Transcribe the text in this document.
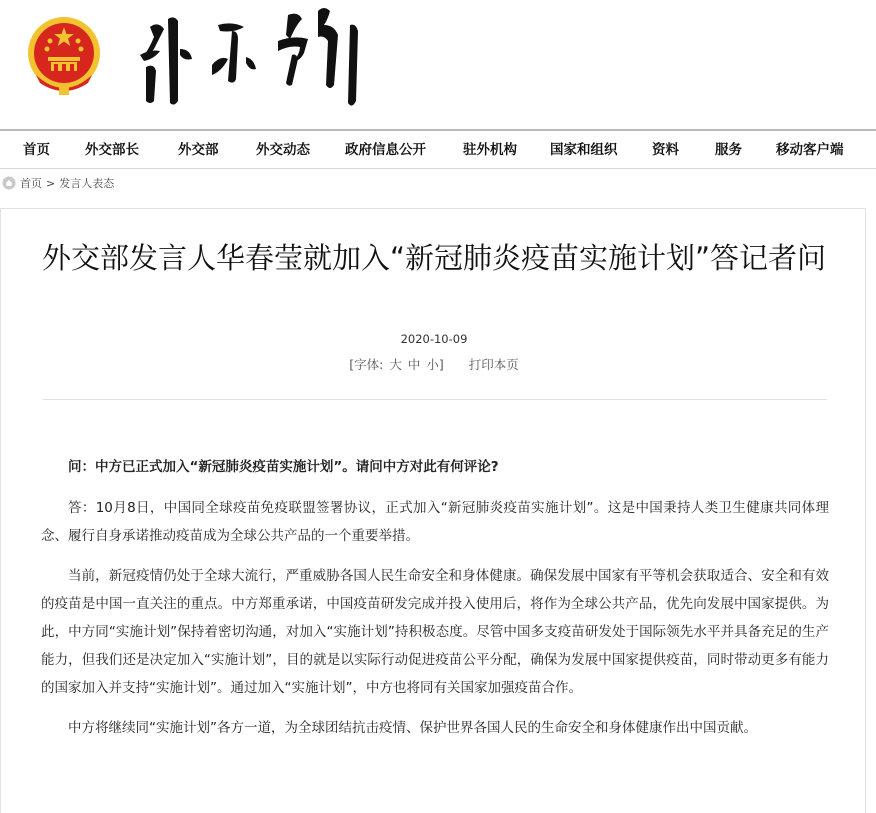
首页	外交部长	外交部	外交动态	政府信息公开	驻外机构 国家和组织	资料	服务	移动客户端
首页 > 发言人表态
外交部发言人华春莹就加入“新冠肺炎疫苗实施计划”答记者问
2020-10-09
[字体: 大 中 小] 打印本页

问：中方已正式加入“新冠肺炎疫苗实施计划”。请问中方对此有何评论?

答：10月8日，中国同全球疫苗免疫联盟签署协议，正式加入“新冠肺炎疫苗实施计划”。这是中国秉持人类卫生健康共同体理念、履行自身承诺推动疫苗成为全球公共产品的一个重要举措。

当前，新冠疫情仍处于全球大流行，严重威胁各国人民生命安全和身体健康。确保发展中国家有平等机会获取适合、安全和有效的疫苗是中国一直关注的重点。中方郑重承诺，中国疫苗研发完成并投入使用后，将作为全球公共产品，优先向发展中国家提供。为此，中方同“实施计划”保持着密切沟通，对加入“实施计划”持积极态度。尽管中国多支疫苗研发处于国际领先水平并具备充足的生产能力，但我们还是决定加入“实施计划”，目的就是以实际行动促进疫苗公平分配，确保为发展中国家提供疫苗，同时带动更多有能力的国家加入并支持“实施计划”。通过加入“实施计划”，中方也将同有关国家加强疫苗合作。

中方将继续同“实施计划”各方一道，为全球团结抗击疫情、保护世界各国人民的生命安全和身体健康作出中国贡献。
